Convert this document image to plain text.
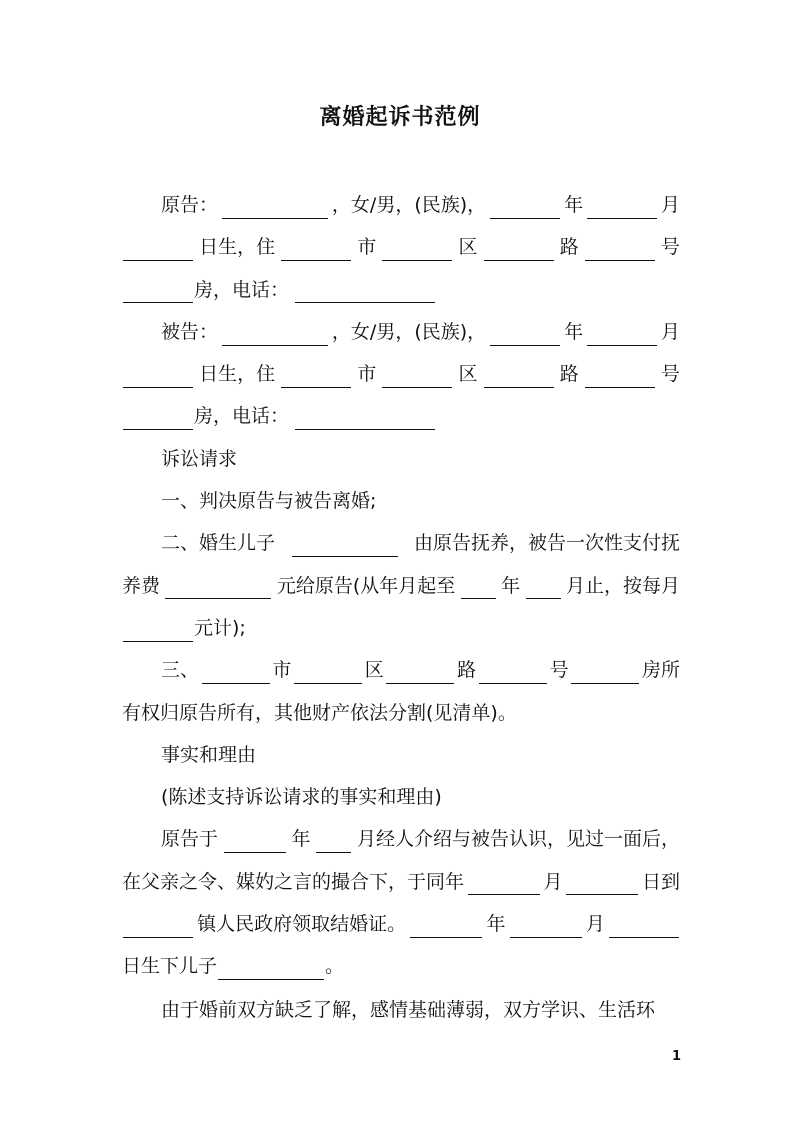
离婚起诉书范例
原告：	，女/男，(民族)，	年	月
日生，住	市	区	路	号
房，电话：
被告：	，女/男，(民族)，	年	月
日生，住	市	区	路	号
房，电话：
诉讼请求
一、判决原告与被告离婚;
二、婚生儿子	由原告抚养，被告一次性支付抚
养费	元给原告(从年月起至 年 月止，按每月
元计);
三、	市	区	路	号	房所
有权归原告所有，其他财产依法分割(见清单)。
事实和理由
(陈述支持诉讼请求的事实和理由)
原告于	年 月经人介绍与被告认识，见过一面后，
在父亲之令、媒妁之言的撮合下，于同年	月	日到
镇人民政府领取结婚证。	年	月
日生下儿子	。
由于婚前双方缺乏了解，感情基础薄弱，双方学识、生活环
1
